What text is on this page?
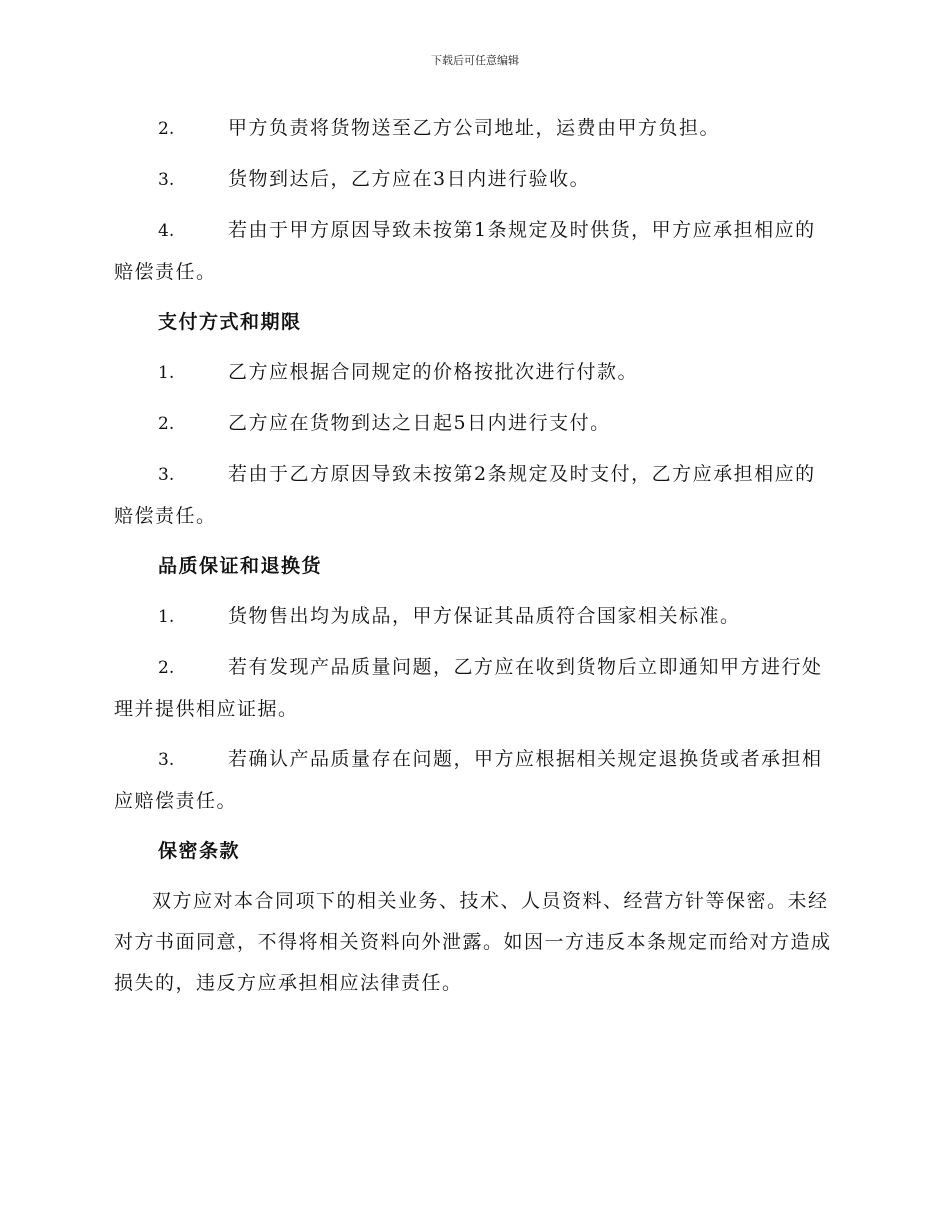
下载后可任意编辑

2.	甲方负责将货物送至乙方公司地址，运费由甲方负担。

3.	货物到达后，乙方应在3日内进行验收。

4.	若由于甲方原因导致未按第1条规定及时供货，甲方应承担相应的赔偿责任。

支付方式和期限

1.	乙方应根据合同规定的价格按批次进行付款。

2.	乙方应在货物到达之日起5日内进行支付。

3.	若由于乙方原因导致未按第2条规定及时支付，乙方应承担相应的赔偿责任。

品质保证和退换货

1.	货物售出均为成品，甲方保证其品质符合国家相关标准。

2.	若有发现产品质量问题，乙方应在收到货物后立即通知甲方进行处理并提供相应证据。

3.	若确认产品质量存在问题，甲方应根据相关规定退换货或者承担相应赔偿责任。

保密条款

双方应对本合同项下的相关业务、技术、人员资料、经营方针等保密。未经对方书面同意，不得将相关资料向外泄露。如因一方违反本条规定而给对方造成损失的，违反方应承担相应法律责任。
